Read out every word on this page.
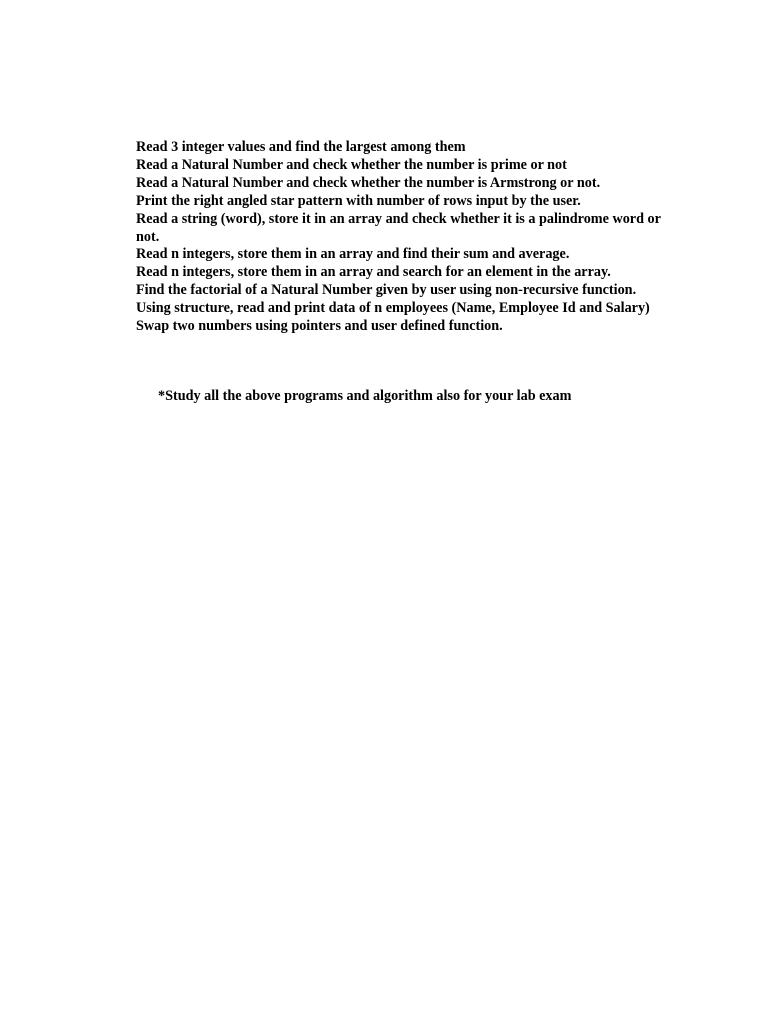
Read 3 integer values and find the largest among them
Read a Natural Number and check whether the number is prime or not
Read a Natural Number and check whether the number is Armstrong or not.
Print the right angled star pattern with number of rows input by the user.
Read a string (word), store it in an array and check whether it is a palindrome word or not.
Read n integers, store them in an array and find their sum and average.
Read n integers, store them in an array and search for an element in the array.
Find the factorial of a Natural Number given by user using non-recursive function.
Using structure, read and print data of n employees (Name, Employee Id and Salary)
Swap two numbers using pointers and user defined function.

*Study all the above programs and algorithm also for your lab exam
